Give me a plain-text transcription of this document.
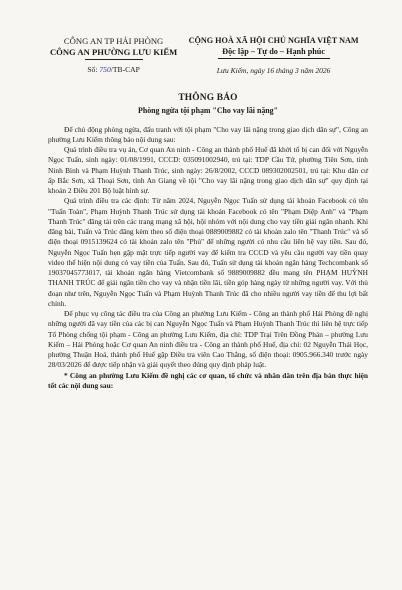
CÔNG AN TP HẢI PHÒNG
CÔNG AN PHƯỜNG LƯU KIẾM
Số: 750/TB-CAP
CỘNG HOÀ XÃ HỘI CHỦ NGHĨA VIỆT NAM
Độc lập – Tự do – Hạnh phúc
Lưu Kiếm, ngày 16 tháng 3 năm 2026
THÔNG BÁO
Phòng ngừa tội phạm "Cho vay lãi nặng"

Để chủ động phòng ngừa, đấu tranh với tội phạm "Cho vay lãi nặng trong giao dịch dân sự", Công an phường Lưu Kiếm thông báo nội dung sau:

Quá trình điều tra vụ án, Cơ quan An ninh - Công an thành phố Huế đã khởi tố bị can đối với Nguyễn Ngọc Tuấn, sinh ngày: 01/08/1991, CCCD: 035091002940, trú tại: TDP Cầu Tứ, phường Tiên Sơn, tỉnh Ninh Bình và Phạm Huỳnh Thanh Trúc, sinh ngày: 26/8/2002, CCCD 089302002501, trú tại: Khu dân cư ấp Bắc Sơn, xã Thoại Sơn, tỉnh An Giang về tội "Cho vay lãi nặng trong giao dịch dân sự" quy định tại khoản 2 Điều 201 Bộ luật hình sự.

Quá trình điều tra các định: Từ năm 2024, Nguyễn Ngọc Tuấn sử dụng tài khoản Facebook có tên "Tuấn Toàn", Phạm Huỳnh Thanh Trúc sử dụng tài khoản Facebook có tên "Phạm Diệp Anh" và "Phạm Thanh Trúc" đăng tải trên các trang mạng xã hội, hội nhóm với nội dung cho vay tiền giải ngân nhanh. Khi đăng bài, Tuấn và Trúc đăng kèm theo số điện thoại 0889009882 có tài khoản zalo tên "Thanh Trúc" và số điện thoại 0915139624 có tài khoản zalo tên "Phủ" để những người có nhu cầu liên hệ vay tiền. Sau đó, Nguyễn Ngọc Tuấn hẹn gặp mặt trực tiếp người vay để kiểm tra CCCD và yêu cầu người vay tiền quay video thể hiện nội dung có vay tiền của Tuấn. Sau đó, Tuấn sử dụng tài khoản ngân hàng Techcombank số 19037045773017, tài khoản ngân hàng Vietcombank số 9889009882 đều mang tên PHẠM HUỲNH THANH TRÚC để giải ngân tiền cho vay và nhận tiền lãi, tiền góp hàng ngày từ những người vay. Với thủ đoạn như trên, Nguyễn Ngọc Tuấn và Phạm Huỳnh Thanh Trúc đã cho nhiều người vay tiền để thu lợi bất chính.

Để phục vụ công tác điều tra của Công an phường Lưu Kiếm - Công an thành phố Hải Phòng đề nghị những người đã vay tiền của các bị can Nguyễn Ngọc Tuấn và Phạm Huỳnh Thanh Trúc thì liên hệ trực tiếp Tổ Phòng chống tội phạm - Công an phường Lưu Kiếm, địa chỉ: TDP Trại Trên Đồng Phản – phường Lưu Kiếm – Hải Phòng hoặc Cơ quan An ninh điều tra - Công an thành phố Huế, địa chỉ: 02 Nguyễn Thái Học, phường Thuận Hoá, thành phố Huế gặp Điều tra viên Cao Thắng, số điện thoại: 0905.966.340 trước ngày 28/03/2026 để được tiếp nhận và giải quyết theo đúng quy định pháp luật.

* Công an phường Lưu Kiếm đề nghị các cơ quan, tổ chức và nhân dân trên địa bàn thực hiện tốt các nội dung sau:
